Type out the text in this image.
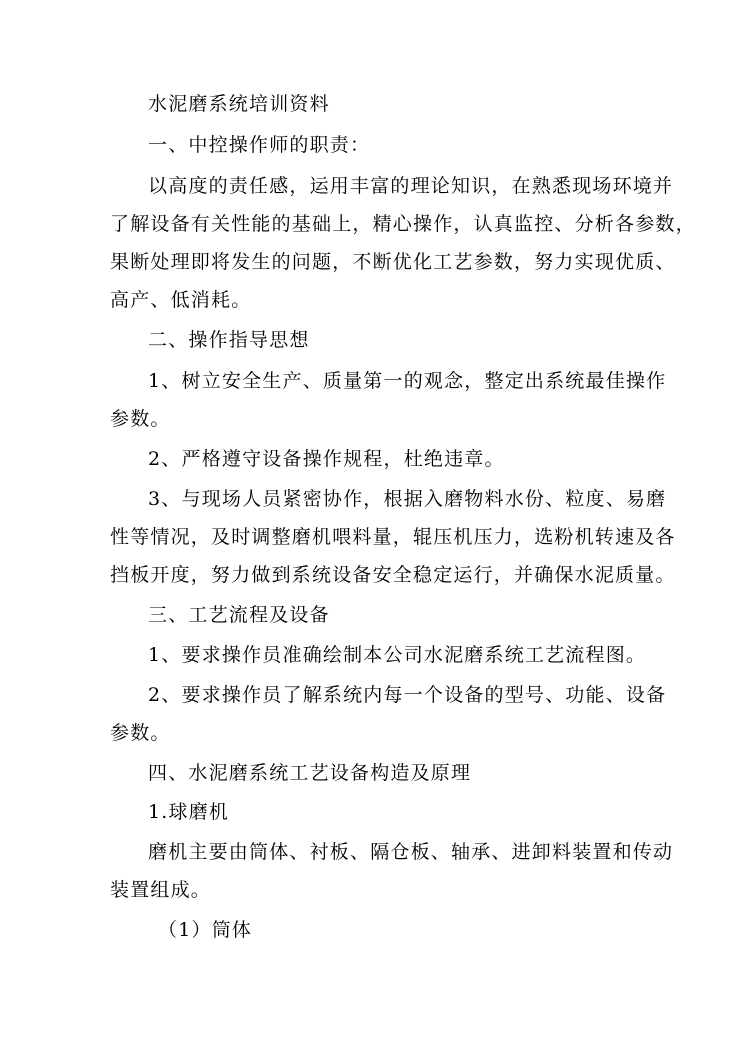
水泥磨系统培训资料
一、中控操作师的职责：
以高度的责任感，运用丰富的理论知识，在熟悉现场环境并
了解设备有关性能的基础上，精心操作，认真监控、分析各参数，
果断处理即将发生的问题，不断优化工艺参数，努力实现优质、
高产、低消耗。
二、操作指导思想
1、树立安全生产、质量第一的观念，整定出系统最佳操作
参数。
2、严格遵守设备操作规程，杜绝违章。
3、与现场人员紧密协作，根据入磨物料水份、粒度、易磨
性等情况，及时调整磨机喂料量，辊压机压力，选粉机转速及各
挡板开度，努力做到系统设备安全稳定运行，并确保水泥质量。
三、工艺流程及设备
1、要求操作员准确绘制本公司水泥磨系统工艺流程图。
2、要求操作员了解系统内每一个设备的型号、功能、设备
参数。
四、水泥磨系统工艺设备构造及原理
1.球磨机
磨机主要由筒体、衬板、隔仓板、轴承、进卸料装置和传动
装置组成。
（1）筒体
